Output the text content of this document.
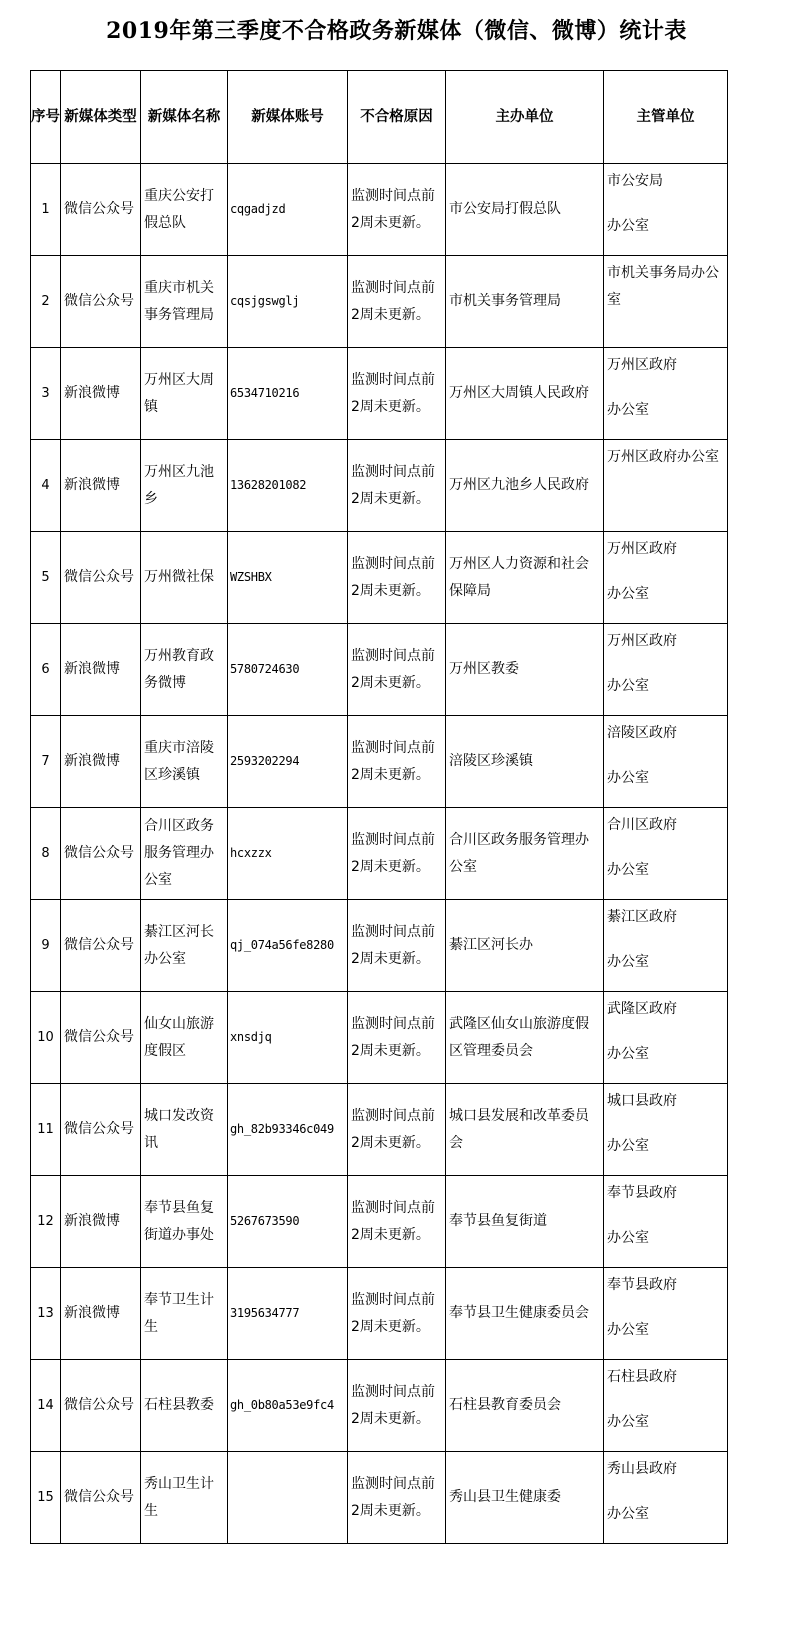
2019年第三季度不合格政务新媒体（微信、微博）统计表
序号	新媒体类型	新媒体名称	新媒体账号	不合格原因	主办单位	主管单位
1	微信公众号	重庆公安打假总队	cqgadjzd	监测时间点前2周未更新。	市公安局打假总队	市公安局
办公室

2	微信公众号	重庆市机关事务管理局	cqsjgswglj	监测时间点前2周未更新。	市机关事务管理局	市机关事务局办公室
3	新浪微博	万州区大周镇	6534710216	监测时间点前2周未更新。	万州区大周镇人民政府	万州区政府
办公室

4	新浪微博	万州区九池乡	13628201082	监测时间点前2周未更新。	万州区九池乡人民政府	万州区政府办公室
5	微信公众号	万州微社保	WZSHBX	监测时间点前2周未更新。	万州区人力资源和社会保障局	万州区政府
办公室

6	新浪微博	万州教育政务微博	5780724630	监测时间点前2周未更新。	万州区教委	万州区政府
办公室

7	新浪微博	重庆市涪陵区珍溪镇	2593202294	监测时间点前2周未更新。	涪陵区珍溪镇	涪陵区政府
办公室

8	微信公众号	合川区政务服务管理办公室	hcxzzx	监测时间点前2周未更新。	合川区政务服务管理办公室	合川区政府
办公室

9	微信公众号	綦江区河长办公室	qj_074a56fe8280	监测时间点前2周未更新。	綦江区河长办	綦江区政府
办公室

10	微信公众号	仙女山旅游度假区	xnsdjq	监测时间点前2周未更新。	武隆区仙女山旅游度假区管理委员会	武隆区政府
办公室

11	微信公众号	城口发改资讯	gh_82b93346c049	监测时间点前2周未更新。	城口县发展和改革委员会	城口县政府
办公室

12	新浪微博	奉节县鱼复街道办事处	5267673590	监测时间点前2周未更新。	奉节县鱼复街道	奉节县政府
办公室

13	新浪微博	奉节卫生计生	3195634777	监测时间点前2周未更新。	奉节县卫生健康委员会	奉节县政府
办公室

14	微信公众号	石柱县教委	gh_0b80a53e9fc4	监测时间点前2周未更新。	石柱县教育委员会	石柱县政府
办公室

15	微信公众号	秀山卫生计生		监测时间点前2周未更新。	秀山县卫生健康委	秀山县政府
办公室
